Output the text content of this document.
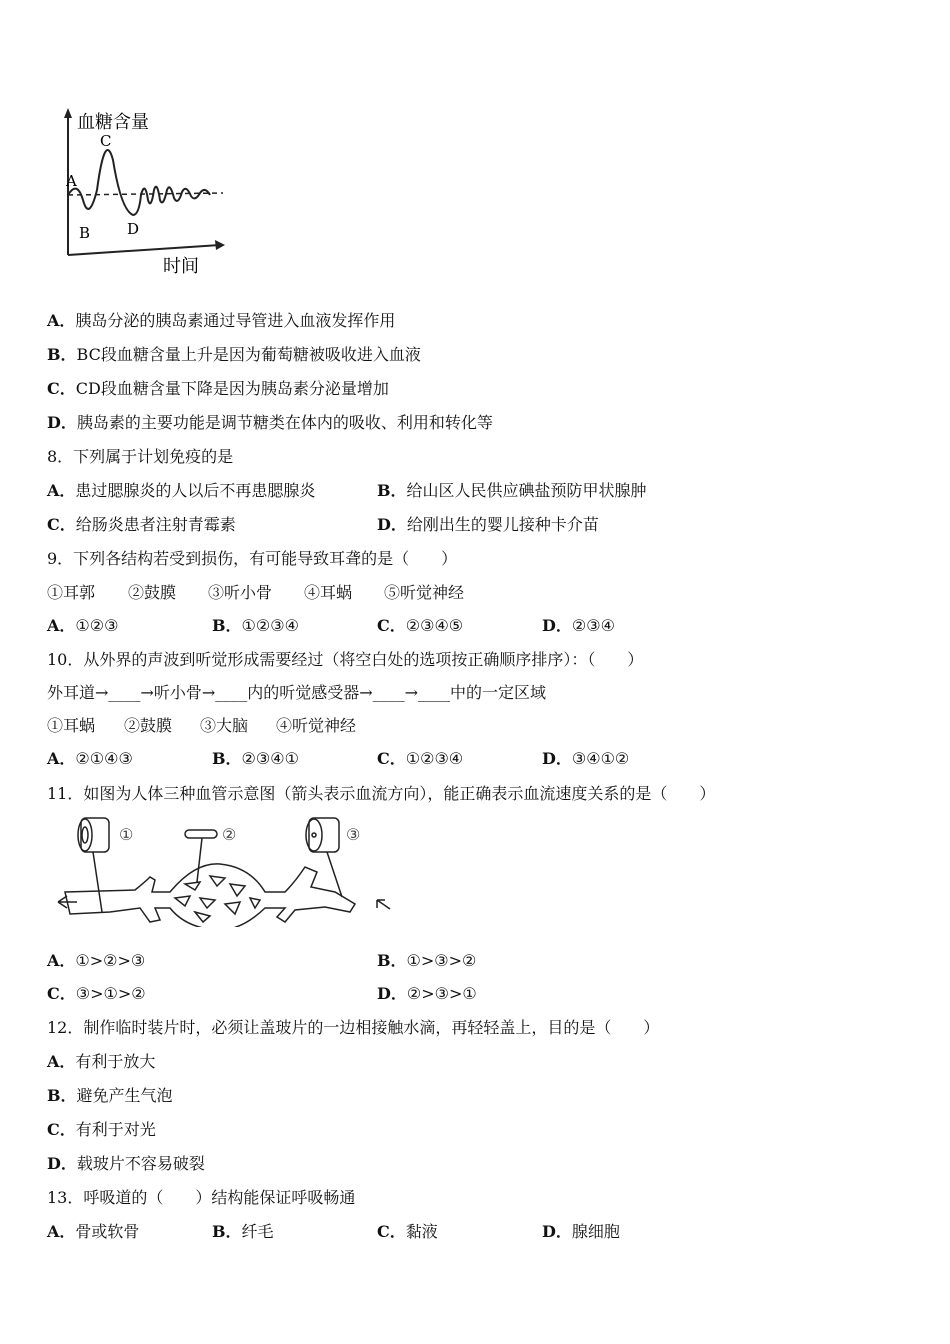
血糖含量
时间
A
B
C
D
A．胰岛分泌的胰岛素通过导管进入血液发挥作用
B．BC段血糖含量上升是因为葡萄糖被吸收进入血液
C．CD段血糖含量下降是因为胰岛素分泌量增加
D．胰岛素的主要功能是调节糖类在体内的吸收、利用和转化等
8．下列属于计划免疫的是
A．患过腮腺炎的人以后不再患腮腺炎	B．给山区人民供应碘盐预防甲状腺肿
C．给肠炎患者注射青霉素	D．给刚出生的婴儿接种卡介苗
9．下列各结构若受到损伤，有可能导致耳聋的是（　　）
①耳郭 ②鼓膜 ③听小骨 ④耳蜗 ⑤听觉神经
A．①②③	B．①②③④	C．②③④⑤	D．②③④
10．从外界的声波到听觉形成需要经过（将空白处的选项按正确顺序排序）：（　　）
外耳道→____→听小骨→____内的听觉感受器→____→____中的一定区域
①耳蜗 ②鼓膜 ③大脑 ④听觉神经
A．②①④③	B．②③④①	C．①②③④	D．③④①②
11．如图为人体三种血管示意图（箭头表示血流方向），能正确表示血流速度关系的是（　　）
①	②	③
A．①>②>③	B．①>③>②
C．③>①>②	D．②>③>①
12．制作临时装片时，必须让盖玻片的一边相接触水滴，再轻轻盖上，目的是（　　）
A．有利于放大
B．避免产生气泡
C．有利于对光
D．载玻片不容易破裂
13．呼吸道的（　　）结构能保证呼吸畅通
A．骨或软骨	B．纤毛	C．黏液	D．腺细胞
